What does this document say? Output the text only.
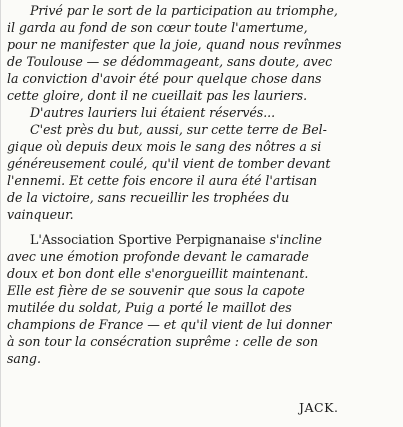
Privé par le sort de la participation au triomphe,
il garda au fond de son cœur toute l'amertume,
pour ne manifester que la joie, quand nous revînmes
de Toulouse — se dédommageant, sans doute, avec
la conviction d'avoir été pour quelque chose dans
cette gloire, dont il ne cueillait pas les lauriers.
D'autres lauriers lui étaient réservés...
C'est près du but, aussi, sur cette terre de Bel-
gique où depuis deux mois le sang des nôtres a si
généreusement coulé, qu'il vient de tomber devant
l'ennemi. Et cette fois encore il aura été l'artisan
de la victoire, sans recueillir les trophées du
vainqueur.
L'Association Sportive Perpignanaise s'incline
avec une émotion profonde devant le camarade
doux et bon dont elle s'enorgueillit maintenant.
Elle est fière de se souvenir que sous la capote
mutilée du soldat, Puig a porté le maillot des
champions de France — et qu'il vient de lui donner
à son tour la consécration suprême : celle de son
sang.
JACK.
